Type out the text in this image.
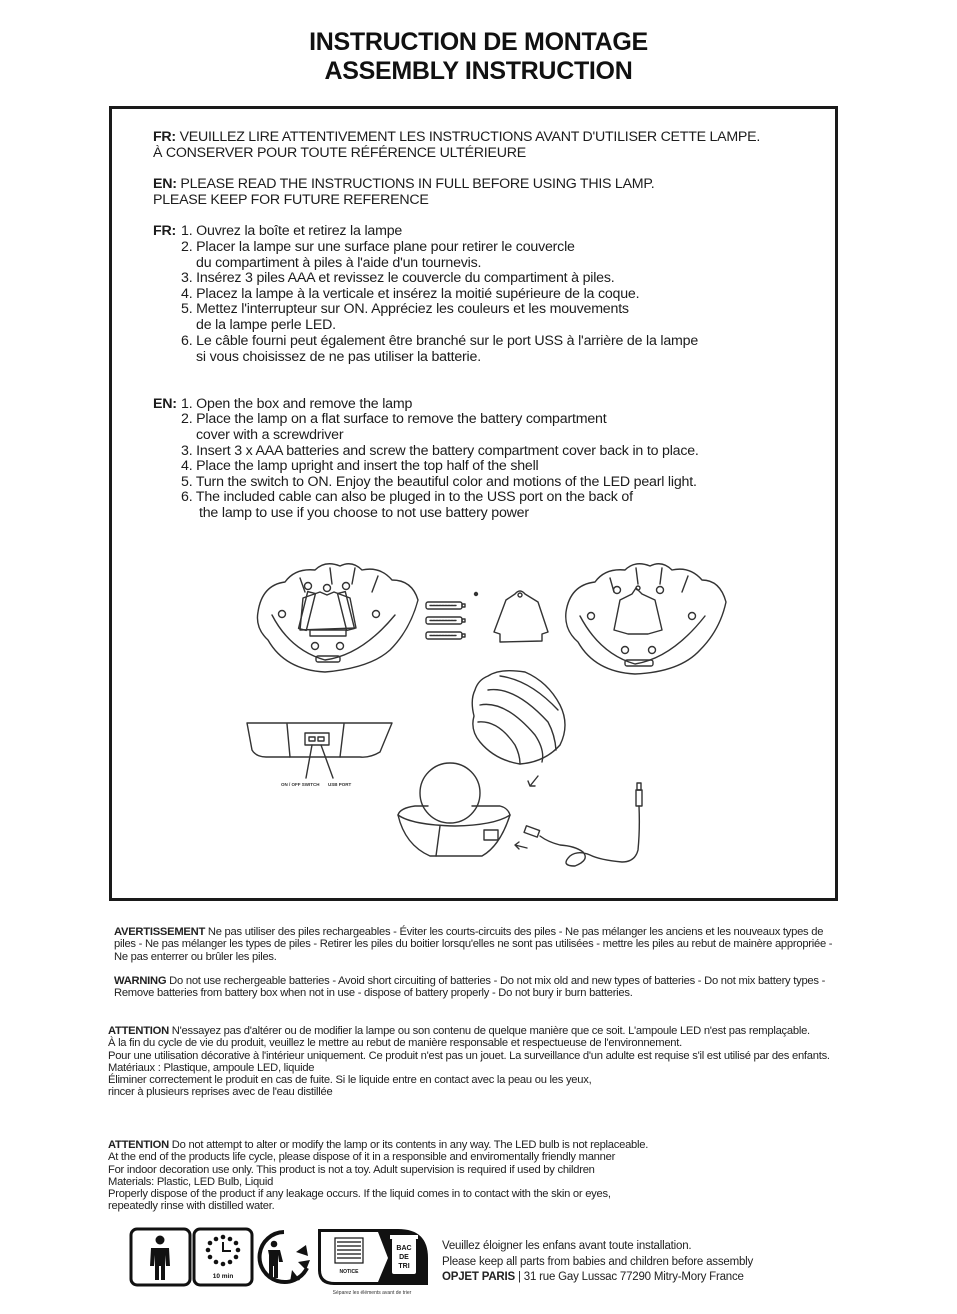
INSTRUCTION DE MONTAGE
ASSEMBLY INSTRUCTION
FR: VEUILLEZ LIRE ATTENTIVEMENT LES INSTRUCTIONS AVANT D'UTILISER CETTE LAMPE.
À CONSERVER POUR TOUTE RÉFÉRENCE ULTÉRIEURE
EN: PLEASE READ THE INSTRUCTIONS IN FULL BEFORE USING THIS LAMP.
PLEASE KEEP FOR FUTURE REFERENCE
FR: 1. Ouvrez la boîte et retirez la lampe
2. Placer la lampe sur une surface plane pour retirer le couvercle
du compartiment à piles à l'aide d'un tournevis.
3. Insérez 3 piles AAA et revissez le couvercle du compartiment à piles.
4. Placez la lampe à la verticale et insérez la moitié supérieure de la coque.
5. Mettez l'interrupteur sur ON. Appréciez les couleurs et les mouvements
de la lampe perle LED.
6. Le câble fourni peut également être branché sur le port USS à l'arrière de la lampe
si vous choisissez de ne pas utiliser la batterie.
EN: 1. Open the box and remove the lamp
2. Place the lamp on a flat surface to remove the battery compartment
cover with a screwdriver
3. Insert 3 x AAA batteries and screw the battery compartment cover back in to place.
4. Place the lamp upright and insert the top half of the shell
5. Turn the switch to ON. Enjoy the beautiful color and motions of the LED pearl light.
6. The included cable can also be pluged in to the USS port on the back of
the lamp to use if you choose to not use battery power
ON / OFF SWITCH USB PORT
AVERTISSEMENT Ne pas utiliser des piles rechargeables - Éviter les courts-circuits des piles - Ne pas mélanger les anciens et les nouveaux types de piles - Ne pas mélanger les types de piles - Retirer les piles du boitier lorsqu'elles ne sont pas utilisées - mettre les piles au rebut de mainère appropriée - Ne pas enterrer ou brûler les piles.
WARNING Do not use rechergeable batteries - Avoid short circuiting of batteries - Do not mix old and new types of batteries - Do not mix battery types - Remove batteries from battery box when not in use - dispose of battery properly - Do not bury ir burn batteries.
ATTENTION N'essayez pas d'altérer ou de modifier la lampe ou son contenu de quelque manière que ce soit. L'ampoule LED n'est pas remplaçable.
À la fin du cycle de vie du produit, veuillez le mettre au rebut de manière responsable et respectueuse de l'environnement.
Pour une utilisation décorative à l'intérieur uniquement. Ce produit n'est pas un jouet. La surveillance d'un adulte est requise s'il est utilisé par des enfants.
Matériaux : Plastique, ampoule LED, liquide
Éliminer correctement le produit en cas de fuite. Si le liquide entre en contact avec la peau ou les yeux,
rincer à plusieurs reprises avec de l'eau distillée
ATTENTION Do not attempt to alter or modify the lamp or its contents in any way. The LED bulb is not replaceable.
At the end of the products life cycle, please dispose of it in a responsible and enviromentally friendly manner
For indoor decoration use only. This product is not a toy. Adult supervision is required if used by children
Materials: Plastic, LED Bulb, Liquid
Properly dispose of the product if any leakage occurs. If the liquid comes in to contact with the skin or eyes,
repeatedly rinse with distilled water.
10 min
NOTICE
BAC
DE
TRI
Séparez les éléments avant de trier
Veuillez éloigner les enfans avant toute installation.
Please keep all parts from babies and children before assembly
OPJET PARIS | 31 rue Gay Lussac 77290 Mitry-Mory France
